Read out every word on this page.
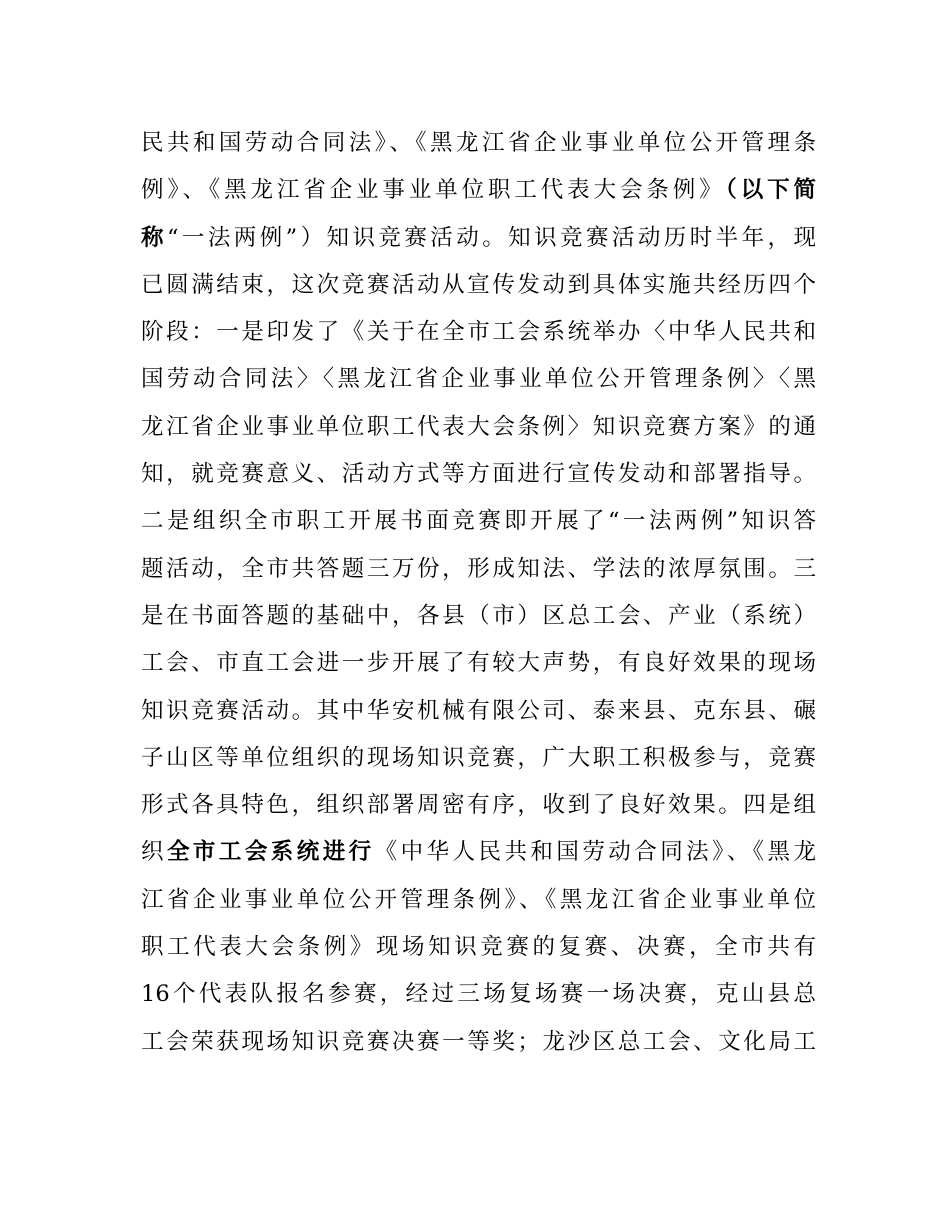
民共和国劳动合同法》、《黑龙江省企业事业单位公开管理条
例》、《黑龙江省企业事业单位职工代表大会条例》（以下简
称“一法两例”）知识竞赛活动。知识竞赛活动历时半年，现
已圆满结束，这次竞赛活动从宣传发动到具体实施共经历四个
阶段：一是印发了《关于在全市工会系统举办〈中华人民共和
国劳动合同法〉〈黑龙江省企业事业单位公开管理条例〉〈黑
龙江省企业事业单位职工代表大会条例〉知识竞赛方案》的通
知，就竞赛意义、活动方式等方面进行宣传发动和部署指导。
二是组织全市职工开展书面竞赛即开展了“一法两例”知识答
题活动，全市共答题三万份，形成知法、学法的浓厚氛围。三
是在书面答题的基础中，各县（市）区总工会、产业（系统）
工会、市直工会进一步开展了有较大声势，有良好效果的现场
知识竞赛活动。其中华安机械有限公司、泰来县、克东县、碾
子山区等单位组织的现场知识竞赛，广大职工积极参与，竞赛
形式各具特色，组织部署周密有序，收到了良好效果。四是组
织全市工会系统进行《中华人民共和国劳动合同法》、《黑龙
江省企业事业单位公开管理条例》、《黑龙江省企业事业单位
职工代表大会条例》现场知识竞赛的复赛、决赛，全市共有
16个代表队报名参赛，经过三场复场赛一场决赛，克山县总
工会荣获现场知识竞赛决赛一等奖；龙沙区总工会、文化局工
